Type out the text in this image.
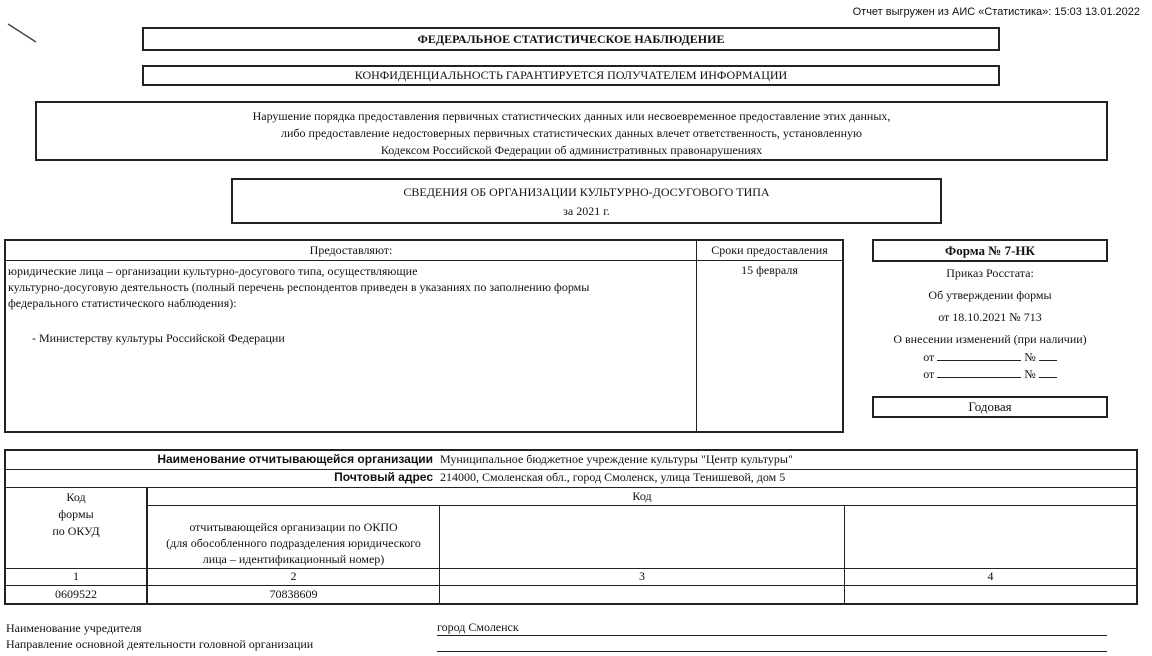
Отчет выгружен из АИС «Статистика»: 15:03 13.01.2022
ФЕДЕРАЛЬНОЕ СТАТИСТИЧЕСКОЕ НАБЛЮДЕНИЕ
КОНФИДЕНЦИАЛЬНОСТЬ ГАРАНТИРУЕТСЯ ПОЛУЧАТЕЛЕМ ИНФОРМАЦИИ
Нарушение порядка предоставления первичных статистических данных или несвоевременное предоставление этих данных,
либо предоставление недостоверных первичных статистических данных влечет ответственность, установленную
Кодексом Российской Федерации об административных правонарушениях
СВЕДЕНИЯ ОБ ОРГАНИЗАЦИИ КУЛЬТУРНО-ДОСУГОВОГО ТИПА
за 2021 г.
Предоставляют:	Сроки предоставления
юридические лица – организации культурно-досугового типа, осуществляющие
культурно-досуговую деятельность (полный перечень респондентов приведен в указаниях по заполнению формы
федерального статистического наблюдения):
- Министерству культуры Российской Федерации
15 февраля
Форма № 7-НК
Приказ Росстата:
Об утверждении формы
от 18.10.2021 № 713
О внесении изменений (при наличии)
от	№
от	№
Годовая
Наименование отчитывающейся организации Муниципальное бюджетное учреждение культуры "Центр культуры"
Почтовый адрес 214000, Смоленская обл., город Смоленск, улица Тенишевой, дом 5
Код
формы
по ОКУД
Код
отчитывающейся организации по ОКПО
(для обособленного подразделения юридического
лица – идентификационный номер)
1	2	3	4
0609522	70838609
Наименование учредителя	город Смоленск
Направление основной деятельности головной организации
